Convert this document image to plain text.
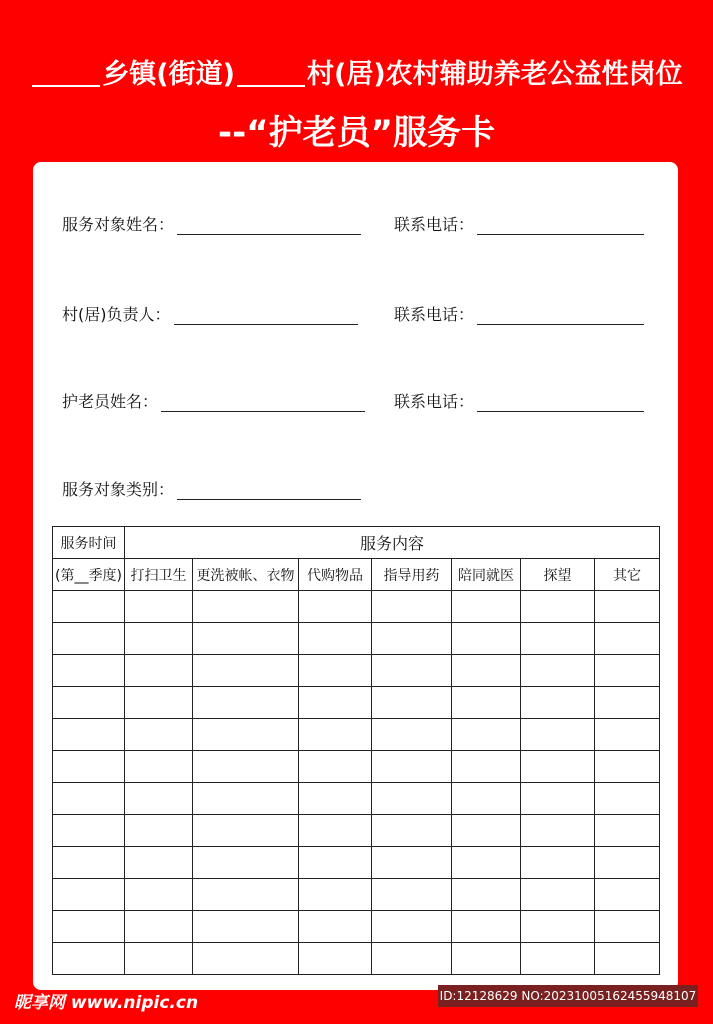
乡镇(街道)	村(居)农村辅助养老公益性岗位
--“护老员”服务卡
服务对象姓名：	联系电话：
村(居)负责人：	联系电话：
护老员姓名：	联系电话：
服务对象类别：
服务时间	服务内容						
(第__季度)	打扫卫生	更洗被帐、衣物	代购物品	指导用药	陪同就医	探望	其它

昵享网 www.nipic.cn	ID:12128629 NO:20231005162455948107
